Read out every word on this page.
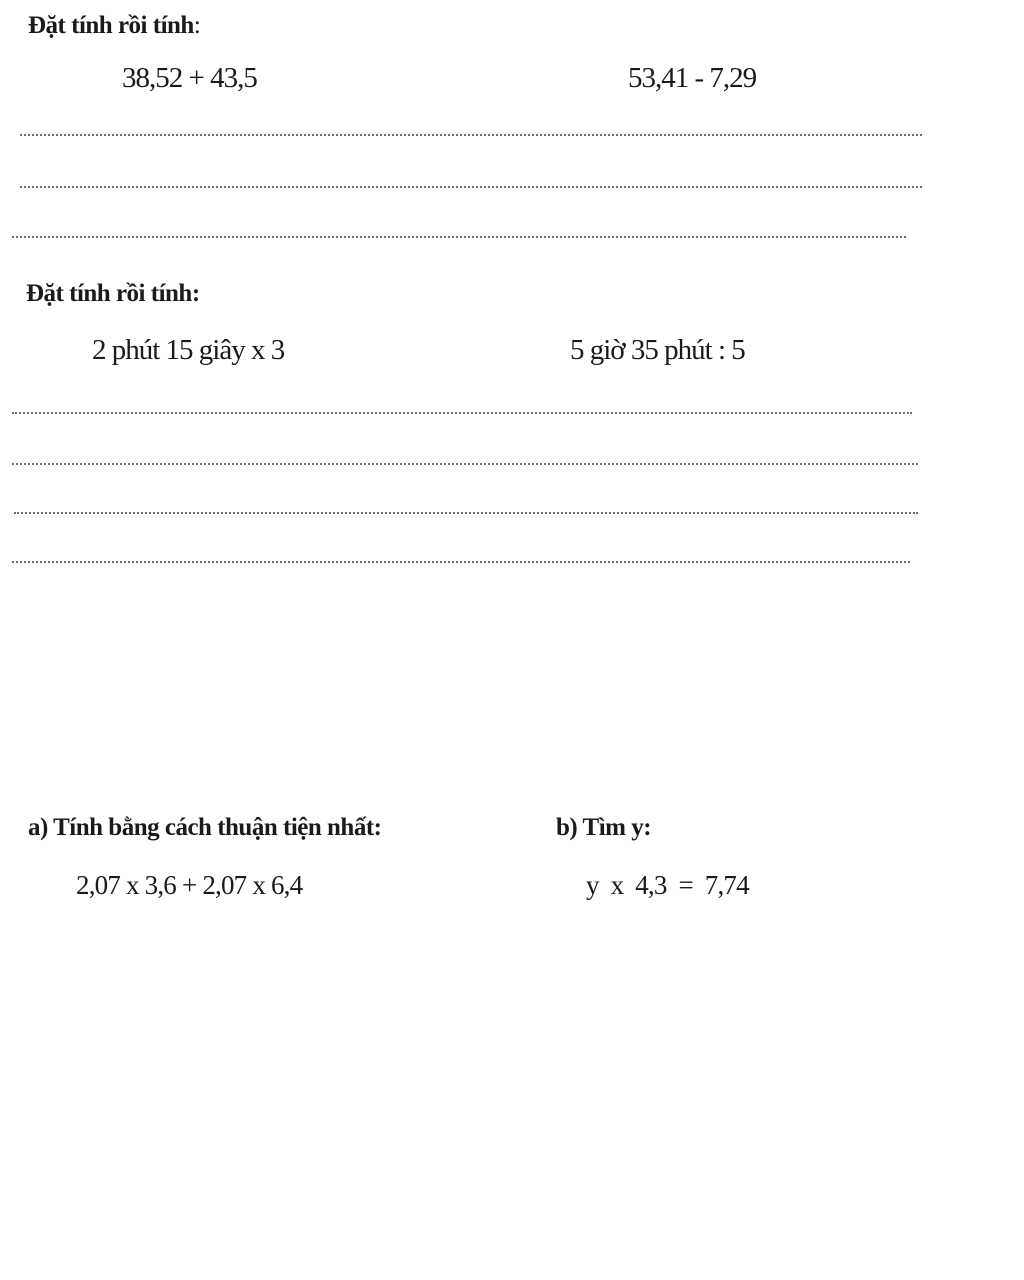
Đặt tính rồi tính:
38,52 + 43,5	53,41 - 7,29
Đặt tính rồi tính:
2 phút 15 giây x 3	5 giờ 35 phút : 5
a) Tính bằng cách thuận tiện nhất:	b) Tìm y:
2,07 x 3,6 + 2,07 x 6,4	y  x  4,3  =  7,74
